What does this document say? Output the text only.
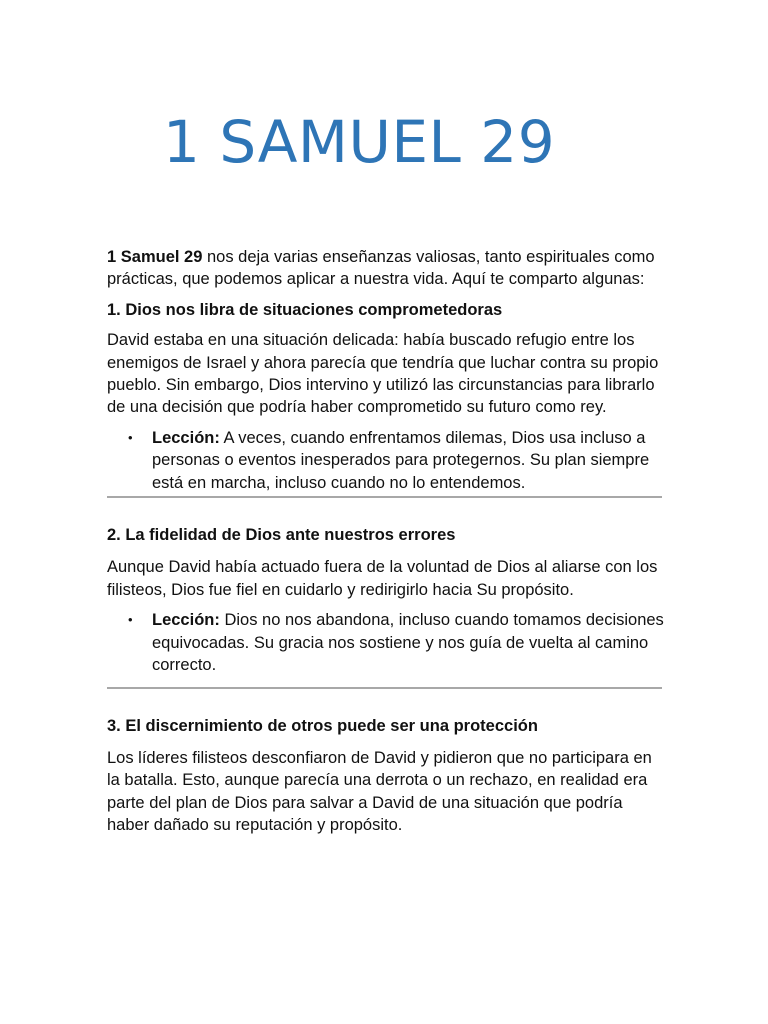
1 SAMUEL 29

1 Samuel 29 nos deja varias enseñanzas valiosas, tanto espirituales como prácticas, que podemos aplicar a nuestra vida. Aquí te comparto algunas:

1. Dios nos libra de situaciones comprometedoras

David estaba en una situación delicada: había buscado refugio entre los enemigos de Israel y ahora parecía que tendría que luchar contra su propio pueblo. Sin embargo, Dios intervino y utilizó las circunstancias para librarlo de una decisión que podría haber comprometido su futuro como rey.

• Lección: A veces, cuando enfrentamos dilemas, Dios usa incluso a personas o eventos inesperados para protegernos. Su plan siempre está en marcha, incluso cuando no lo entendemos.

2. La fidelidad de Dios ante nuestros errores

Aunque David había actuado fuera de la voluntad de Dios al aliarse con los filisteos, Dios fue fiel en cuidarlo y redirigirlo hacia Su propósito.

• Lección: Dios no nos abandona, incluso cuando tomamos decisiones equivocadas. Su gracia nos sostiene y nos guía de vuelta al camino correcto.

3. El discernimiento de otros puede ser una protección

Los líderes filisteos desconfiaron de David y pidieron que no participara en la batalla. Esto, aunque parecía una derrota o un rechazo, en realidad era parte del plan de Dios para salvar a David de una situación que podría haber dañado su reputación y propósito.
